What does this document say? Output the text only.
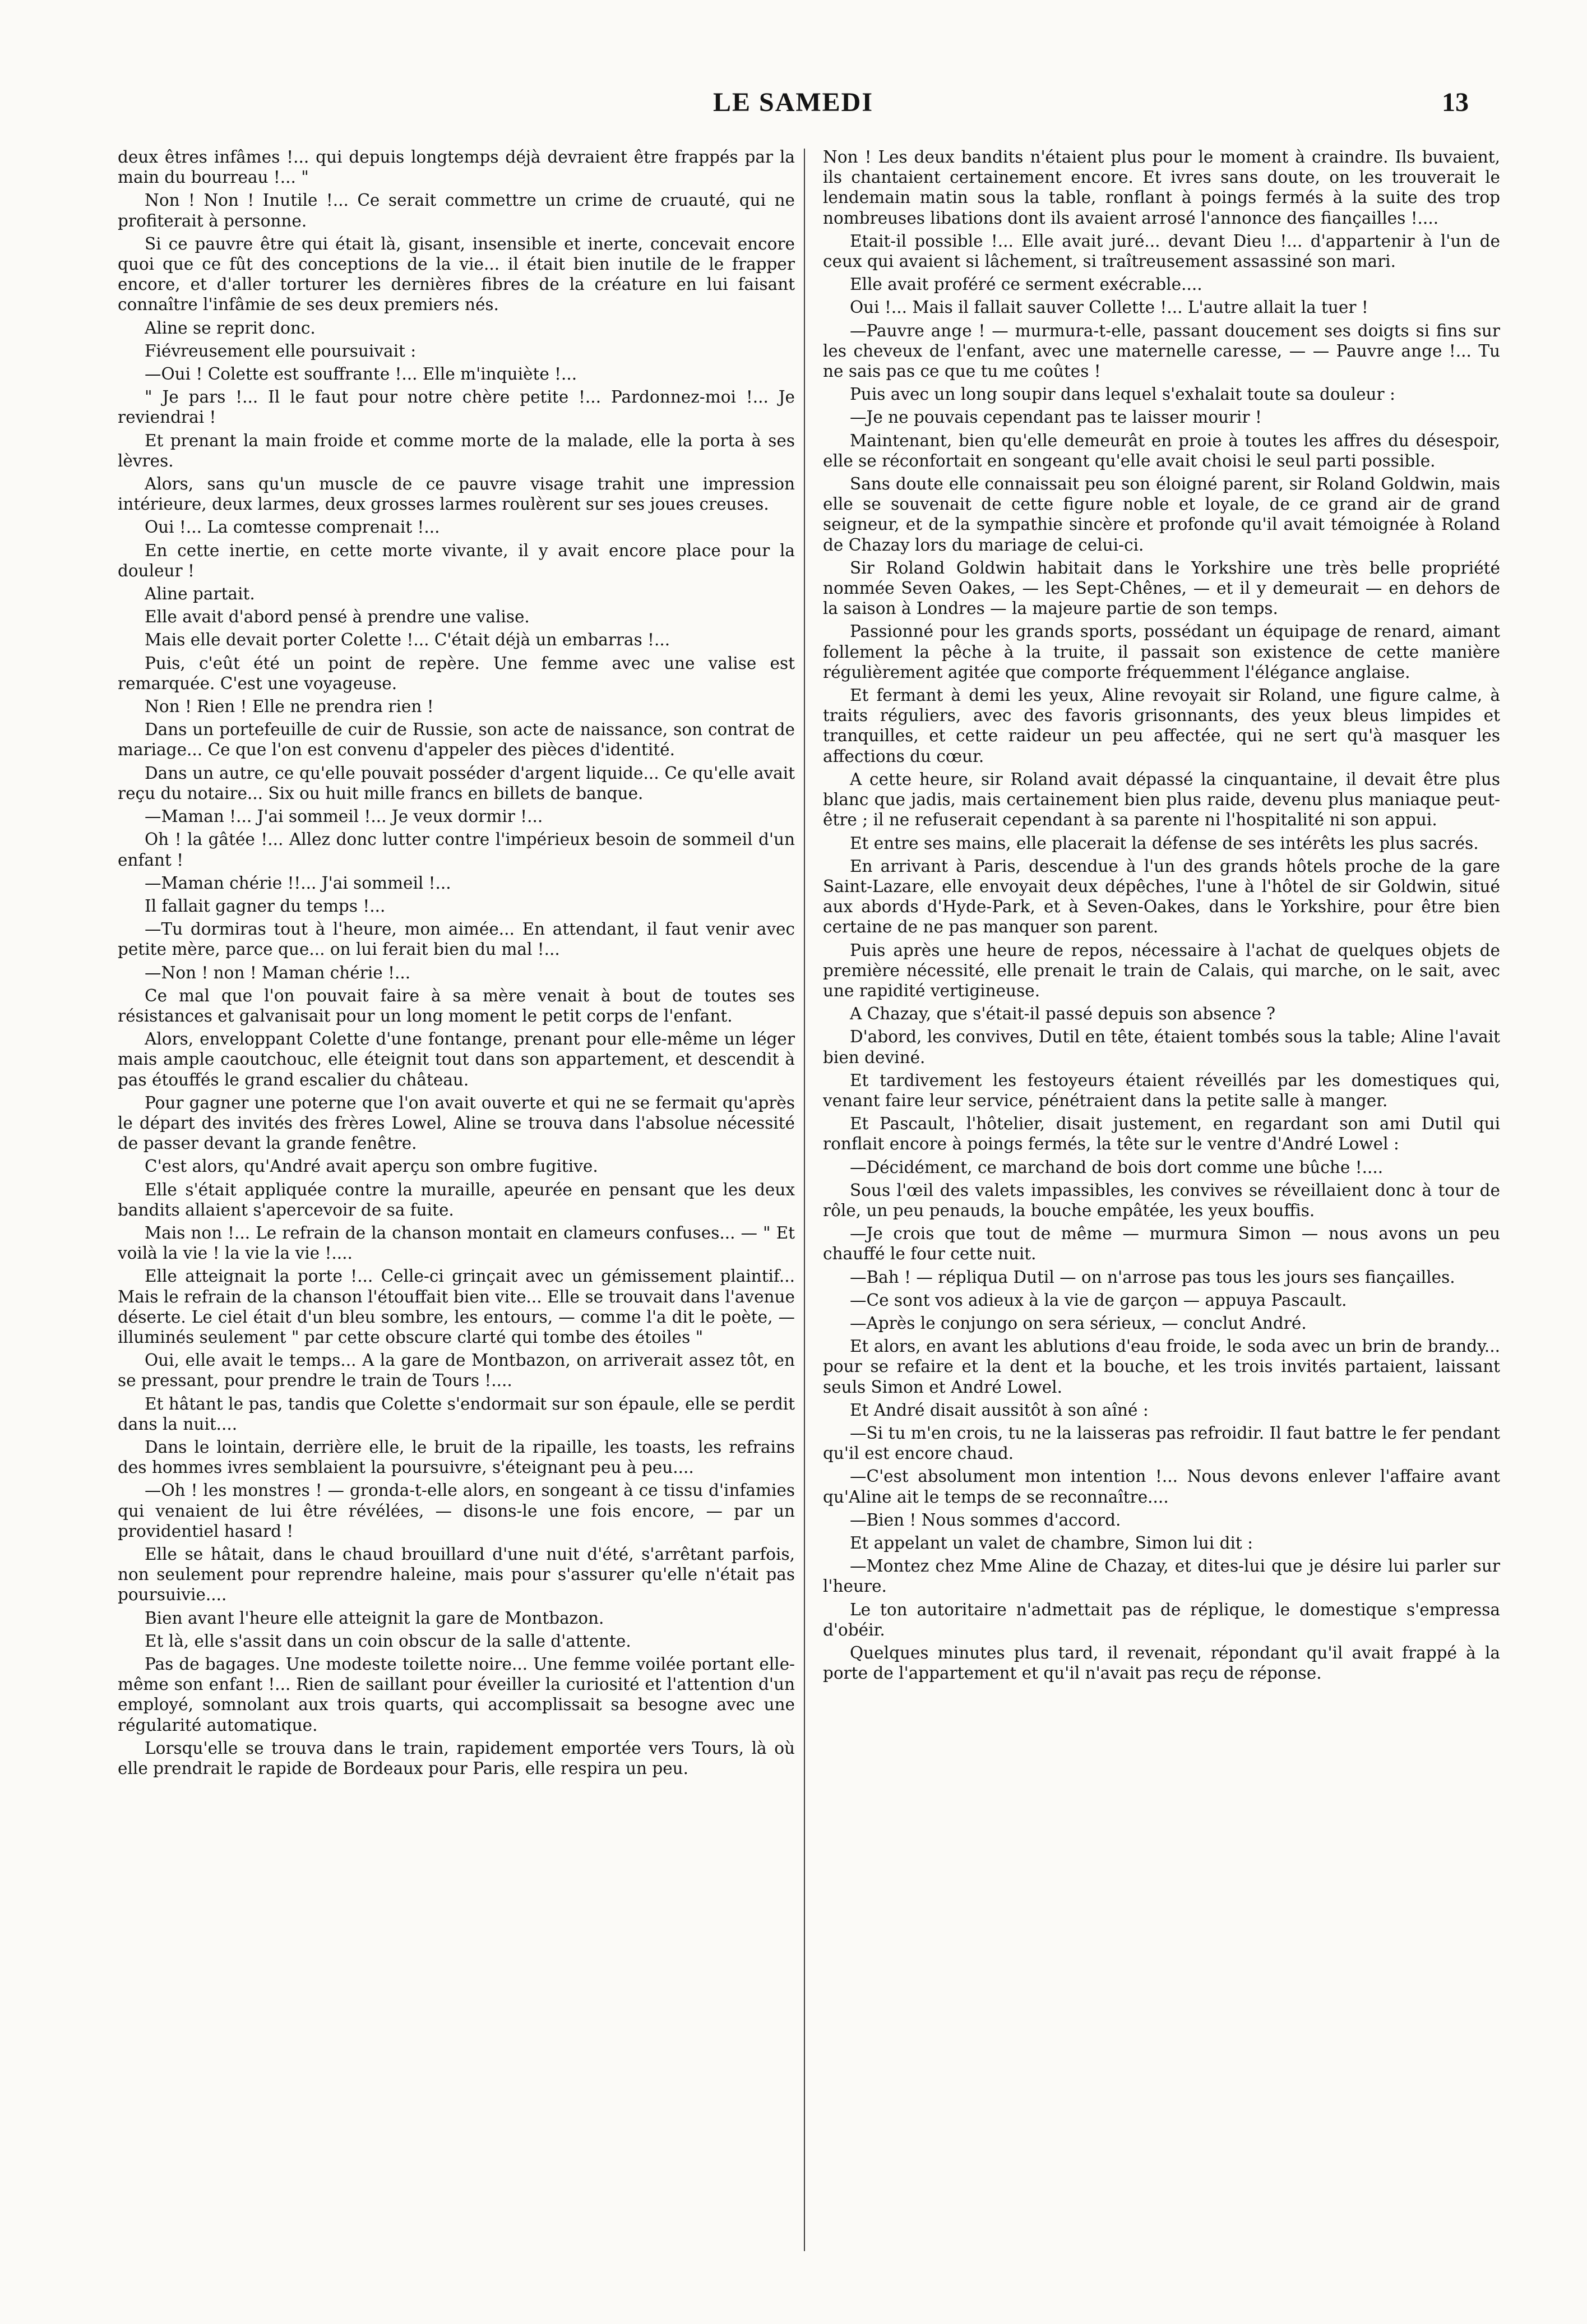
LE SAMEDI	13

deux êtres infâmes !... qui depuis longtemps déjà devraient être frappés par la main du bourreau !... "

Non ! Non ! Inutile !... Ce serait commettre un crime de cruauté, qui ne profiterait à personne.

Si ce pauvre être qui était là, gisant, insensible et inerte, concevait encore quoi que ce fût des conceptions de la vie... il était bien inutile de le frapper encore, et d'aller torturer les dernières fibres de la créature en lui faisant connaître l'infâmie de ses deux premiers nés.

Aline se reprit donc.

Fiévreusement elle poursuivait :

—Oui ! Colette est souffrante !... Elle m'inquiète !...

" Je pars !... Il le faut pour notre chère petite !... Pardonnez-moi !... Je reviendrai !

Et prenant la main froide et comme morte de la malade, elle la porta à ses lèvres.

Alors, sans qu'un muscle de ce pauvre visage trahit une impression intérieure, deux larmes, deux grosses larmes roulèrent sur ses joues creuses.

Oui !... La comtesse comprenait !...

En cette inertie, en cette morte vivante, il y avait encore place pour la douleur !

Aline partait.

Elle avait d'abord pensé à prendre une valise.

Mais elle devait porter Colette !... C'était déjà un embarras !...

Puis, c'eût été un point de repère. Une femme avec une valise est remarquée. C'est une voyageuse.

Non ! Rien ! Elle ne prendra rien !

Dans un portefeuille de cuir de Russie, son acte de naissance, son contrat de mariage... Ce que l'on est convenu d'appeler des pièces d'identité.

Dans un autre, ce qu'elle pouvait posséder d'argent liquide... Ce qu'elle avait reçu du notaire... Six ou huit mille francs en billets de banque.

—Maman !... J'ai sommeil !... Je veux dormir !...

Oh ! la gâtée !... Allez donc lutter contre l'impérieux besoin de sommeil d'un enfant !

—Maman chérie !!... J'ai sommeil !...

Il fallait gagner du temps !...

—Tu dormiras tout à l'heure, mon aimée... En attendant, il faut venir avec petite mère, parce que... on lui ferait bien du mal !...

—Non ! non ! Maman chérie !...

Ce mal que l'on pouvait faire à sa mère venait à bout de toutes ses résistances et galvanisait pour un long moment le petit corps de l'enfant.

Alors, enveloppant Colette d'une fontange, prenant pour elle-même un léger mais ample caoutchouc, elle éteignit tout dans son appartement, et descendit à pas étouffés le grand escalier du château.

Pour gagner une poterne que l'on avait ouverte et qui ne se fermait qu'après le départ des invités des frères Lowel, Aline se trouva dans l'absolue nécessité de passer devant la grande fenêtre.

C'est alors, qu'André avait aperçu son ombre fugitive.

Elle s'était appliquée contre la muraille, apeurée en pensant que les deux bandits allaient s'apercevoir de sa fuite.

Mais non !... Le refrain de la chanson montait en clameurs confuses... — " Et voilà la vie ! la vie la vie !....

Elle atteignait la porte !... Celle-ci grinçait avec un gémissement plaintif... Mais le refrain de la chanson l'étouffait bien vite... Elle se trouvait dans l'avenue déserte. Le ciel était d'un bleu sombre, les entours, — comme l'a dit le poète, — illuminés seulement " par cette obscure clarté qui tombe des étoiles "

Oui, elle avait le temps... A la gare de Montbazon, on arriverait assez tôt, en se pressant, pour prendre le train de Tours !....

Et hâtant le pas, tandis que Colette s'endormait sur son épaule, elle se perdit dans la nuit....

Dans le lointain, derrière elle, le bruit de la ripaille, les toasts, les refrains des hommes ivres semblaient la poursuivre, s'éteignant peu à peu....

—Oh ! les monstres ! — gronda-t-elle alors, en songeant à ce tissu d'infamies qui venaient de lui être révélées, — disons-le une fois encore, — par un providentiel hasard !

Elle se hâtait, dans le chaud brouillard d'une nuit d'été, s'arrêtant parfois, non seulement pour reprendre haleine, mais pour s'assurer qu'elle n'était pas poursuivie....

Bien avant l'heure elle atteignit la gare de Montbazon.

Et là, elle s'assit dans un coin obscur de la salle d'attente.

Pas de bagages. Une modeste toilette noire... Une femme voilée portant elle-même son enfant !... Rien de saillant pour éveiller la curiosité et l'attention d'un employé, somnolant aux trois quarts, qui accomplissait sa besogne avec une régularité automatique.

Lorsqu'elle se trouva dans le train, rapidement emportée vers Tours, là où elle prendrait le rapide de Bordeaux pour Paris, elle respira un peu.

Non ! Les deux bandits n'étaient plus pour le moment à craindre. Ils buvaient, ils chantaient certainement encore. Et ivres sans doute, on les trouverait le lendemain matin sous la table, ronflant à poings fermés à la suite des trop nombreuses libations dont ils avaient arrosé l'annonce des fiançailles !....

Etait-il possible !... Elle avait juré... devant Dieu !... d'appartenir à l'un de ceux qui avaient si lâchement, si traîtreusement assassiné son mari.

Elle avait proféré ce serment exécrable....

Oui !... Mais il fallait sauver Collette !... L'autre allait la tuer !

—Pauvre ange ! — murmura-t-elle, passant doucement ses doigts si fins sur les cheveux de l'enfant, avec une maternelle caresse, — — Pauvre ange !... Tu ne sais pas ce que tu me coûtes !

Puis avec un long soupir dans lequel s'exhalait toute sa douleur :

—Je ne pouvais cependant pas te laisser mourir !

Maintenant, bien qu'elle demeurât en proie à toutes les affres du désespoir, elle se réconfortait en songeant qu'elle avait choisi le seul parti possible.

Sans doute elle connaissait peu son éloigné parent, sir Roland Goldwin, mais elle se souvenait de cette figure noble et loyale, de ce grand air de grand seigneur, et de la sympathie sincère et profonde qu'il avait témoignée à Roland de Chazay lors du mariage de celui-ci.

Sir Roland Goldwin habitait dans le Yorkshire une très belle propriété nommée Seven Oakes, — les Sept-Chênes, — et il y demeurait — en dehors de la saison à Londres — la majeure partie de son temps.

Passionné pour les grands sports, possédant un équipage de renard, aimant follement la pêche à la truite, il passait son existence de cette manière régulièrement agitée que comporte fréquemment l'élégance anglaise.

Et fermant à demi les yeux, Aline revoyait sir Roland, une figure calme, à traits réguliers, avec des favoris grisonnants, des yeux bleus limpides et tranquilles, et cette raideur un peu affectée, qui ne sert qu'à masquer les affections du cœur.

A cette heure, sir Roland avait dépassé la cinquantaine, il devait être plus blanc que jadis, mais certainement bien plus raide, devenu plus maniaque peut-être ; il ne refuserait cependant à sa parente ni l'hospitalité ni son appui.

Et entre ses mains, elle placerait la défense de ses intérêts les plus sacrés.

En arrivant à Paris, descendue à l'un des grands hôtels proche de la gare Saint-Lazare, elle envoyait deux dépêches, l'une à l'hôtel de sir Goldwin, situé aux abords d'Hyde-Park, et à Seven-Oakes, dans le Yorkshire, pour être bien certaine de ne pas manquer son parent.

Puis après une heure de repos, nécessaire à l'achat de quelques objets de première nécessité, elle prenait le train de Calais, qui marche, on le sait, avec une rapidité vertigineuse.

A Chazay, que s'était-il passé depuis son absence ?

D'abord, les convives, Dutil en tête, étaient tombés sous la table; Aline l'avait bien deviné.

Et tardivement les festoyeurs étaient réveillés par les domestiques qui, venant faire leur service, pénétraient dans la petite salle à manger.

Et Pascault, l'hôtelier, disait justement, en regardant son ami Dutil qui ronflait encore à poings fermés, la tête sur le ventre d'André Lowel :

—Décidément, ce marchand de bois dort comme une bûche !....

Sous l'œil des valets impassibles, les convives se réveillaient donc à tour de rôle, un peu penauds, la bouche empâtée, les yeux bouffis.

—Je crois que tout de même — murmura Simon — nous avons un peu chauffé le four cette nuit.

—Bah ! — répliqua Dutil — on n'arrose pas tous les jours ses fiançailles.

—Ce sont vos adieux à la vie de garçon — appuya Pascault.

—Après le conjungo on sera sérieux, — conclut André.

Et alors, en avant les ablutions d'eau froide, le soda avec un brin de brandy... pour se refaire et la dent et la bouche, et les trois invités partaient, laissant seuls Simon et André Lowel.

Et André disait aussitôt à son aîné :

—Si tu m'en crois, tu ne la laisseras pas refroidir. Il faut battre le fer pendant qu'il est encore chaud.

—C'est absolument mon intention !... Nous devons enlever l'affaire avant qu'Aline ait le temps de se reconnaître....

—Bien ! Nous sommes d'accord.

Et appelant un valet de chambre, Simon lui dit :

—Montez chez Mme Aline de Chazay, et dites-lui que je désire lui parler sur l'heure.

Le ton autoritaire n'admettait pas de réplique, le domestique s'empressa d'obéir.

Quelques minutes plus tard, il revenait, répondant qu'il avait frappé à la porte de l'appartement et qu'il n'avait pas reçu de réponse.
